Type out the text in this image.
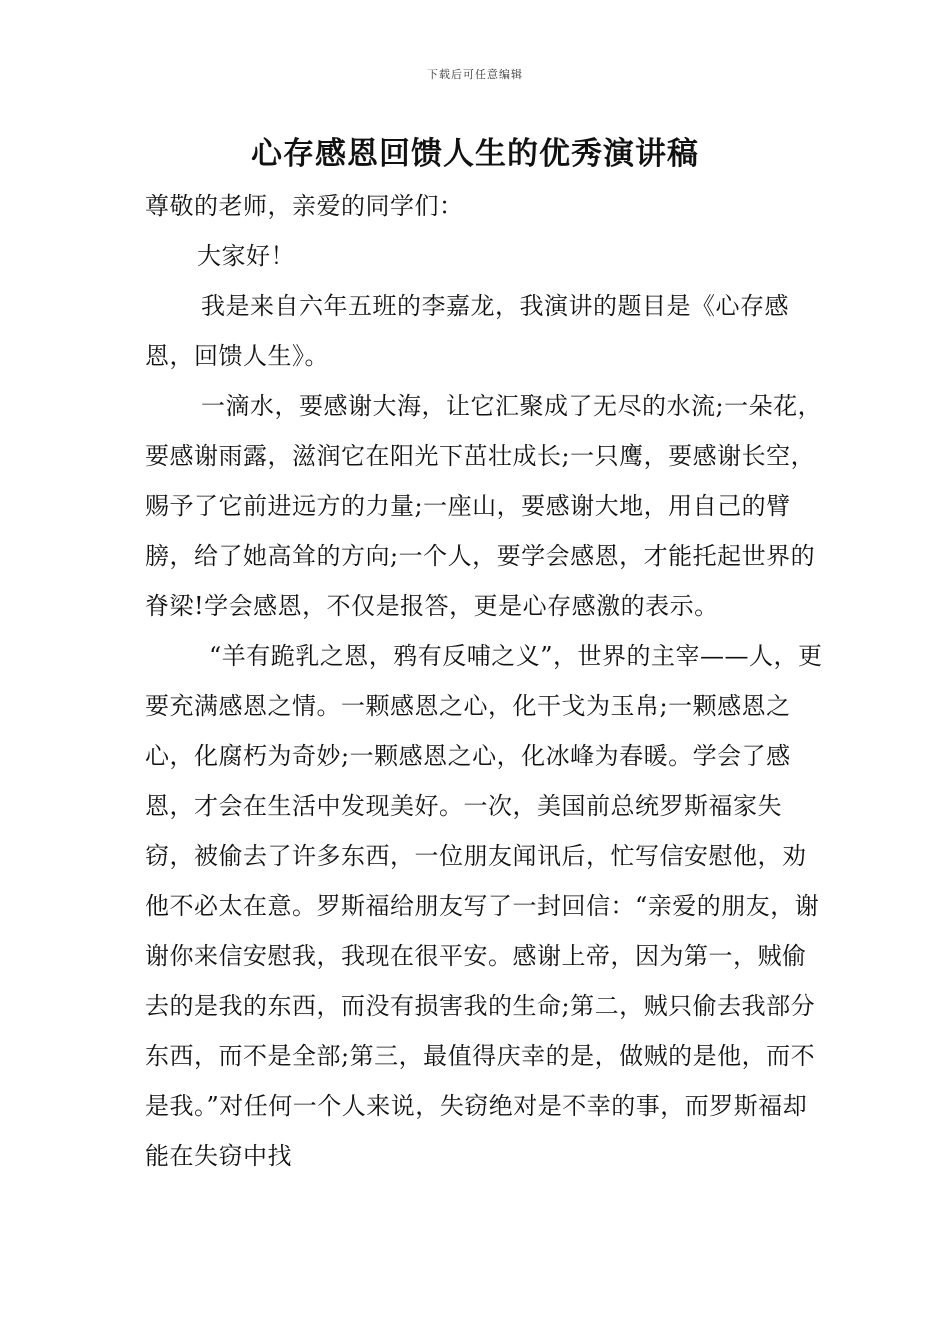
下载后可任意编辑
心存感恩回馈人生的优秀演讲稿

尊敬的老师，亲爱的同学们：

大家好！

我是来自六年五班的李嘉龙，我演讲的题目是《心存感恩，回馈人生》。

一滴水，要感谢大海，让它汇聚成了无尽的水流;一朵花，要感谢雨露，滋润它在阳光下茁壮成长;一只鹰，要感谢长空，赐予了它前进远方的力量;一座山，要感谢大地，用自己的臂膀，给了她高耸的方向;一个人，要学会感恩，才能托起世界的脊梁!学会感恩，不仅是报答，更是心存感激的表示。

“羊有跪乳之恩，鸦有反哺之义”，世界的主宰——人，更要充满感恩之情。一颗感恩之心，化干戈为玉帛;一颗感恩之心，化腐朽为奇妙;一颗感恩之心，化冰峰为春暖。学会了感恩，才会在生活中发现美好。一次，美国前总统罗斯福家失窃，被偷去了许多东西，一位朋友闻讯后，忙写信安慰他，劝他不必太在意。罗斯福给朋友写了一封回信：“亲爱的朋友，谢谢你来信安慰我，我现在很平安。感谢上帝，因为第一，贼偷去的是我的东西，而没有损害我的生命;第二，贼只偷去我部分东西，而不是全部;第三，最值得庆幸的是，做贼的是他，而不是我。”对任何一个人来说，失窃绝对是不幸的事，而罗斯福却能在失窃中找
